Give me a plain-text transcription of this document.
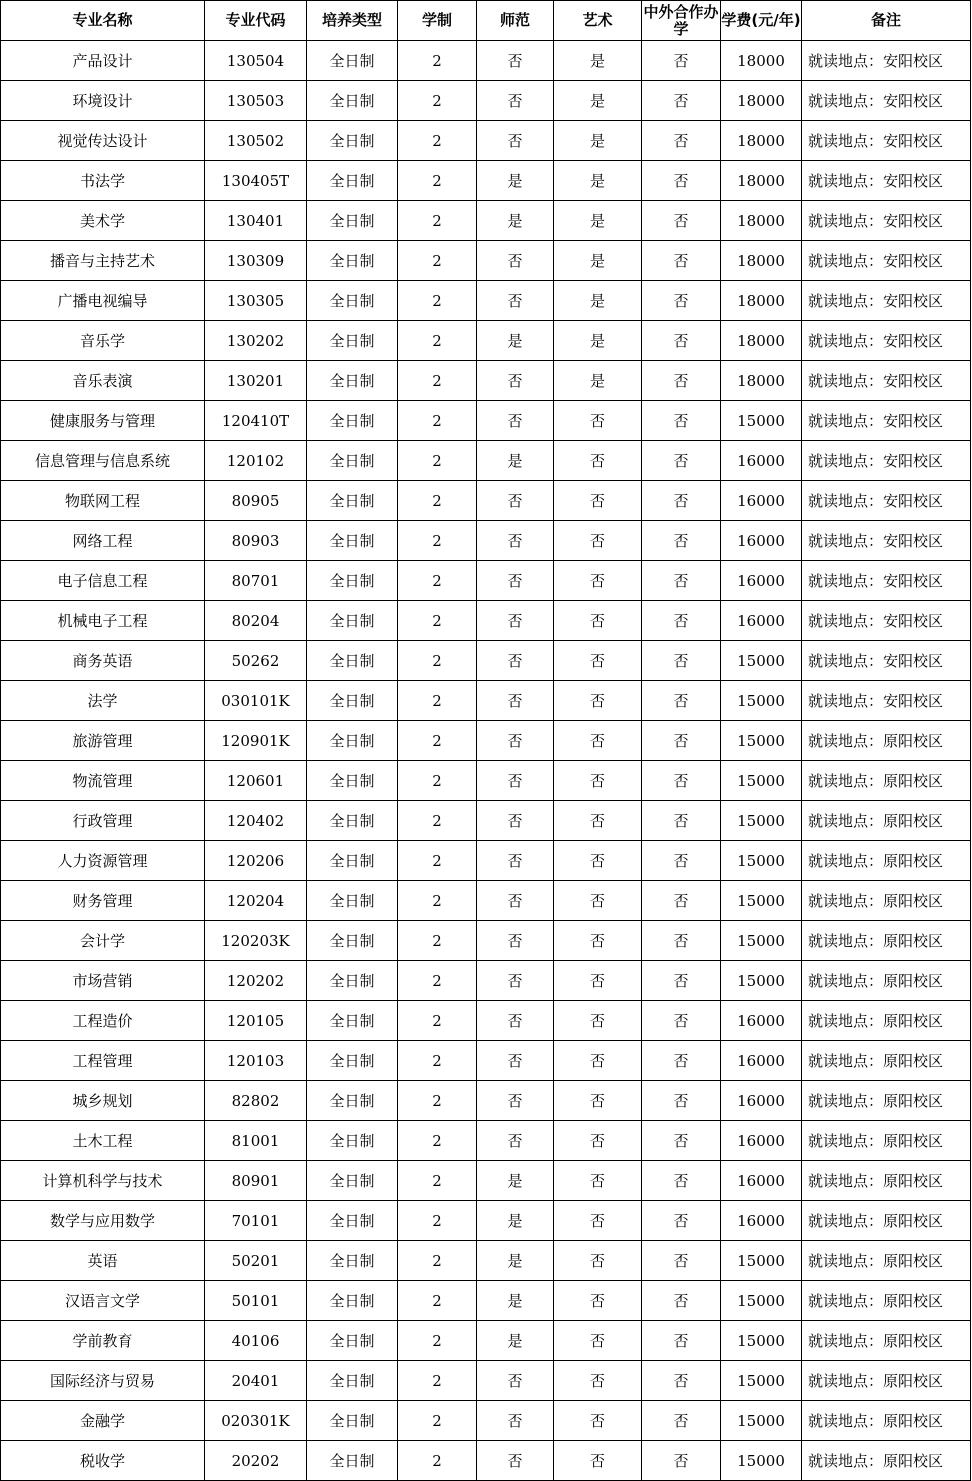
专业名称	专业代码	培养类型	学制	师范	艺术	中外合作办学	学费(元/年)	备注
产品设计	130504	全日制	2	否	是	否	18000	就读地点：安阳校区
环境设计	130503	全日制	2	否	是	否	18000	就读地点：安阳校区
视觉传达设计	130502	全日制	2	否	是	否	18000	就读地点：安阳校区
书法学	130405T	全日制	2	是	是	否	18000	就读地点：安阳校区
美术学	130401	全日制	2	是	是	否	18000	就读地点：安阳校区
播音与主持艺术	130309	全日制	2	否	是	否	18000	就读地点：安阳校区
广播电视编导	130305	全日制	2	否	是	否	18000	就读地点：安阳校区
音乐学	130202	全日制	2	是	是	否	18000	就读地点：安阳校区
音乐表演	130201	全日制	2	否	是	否	18000	就读地点：安阳校区
健康服务与管理	120410T	全日制	2	否	否	否	15000	就读地点：安阳校区
信息管理与信息系统	120102	全日制	2	是	否	否	16000	就读地点：安阳校区
物联网工程	80905	全日制	2	否	否	否	16000	就读地点：安阳校区
网络工程	80903	全日制	2	否	否	否	16000	就读地点：安阳校区
电子信息工程	80701	全日制	2	否	否	否	16000	就读地点：安阳校区
机械电子工程	80204	全日制	2	否	否	否	16000	就读地点：安阳校区
商务英语	50262	全日制	2	否	否	否	15000	就读地点：安阳校区
法学	030101K	全日制	2	否	否	否	15000	就读地点：安阳校区
旅游管理	120901K	全日制	2	否	否	否	15000	就读地点：原阳校区
物流管理	120601	全日制	2	否	否	否	15000	就读地点：原阳校区
行政管理	120402	全日制	2	否	否	否	15000	就读地点：原阳校区
人力资源管理	120206	全日制	2	否	否	否	15000	就读地点：原阳校区
财务管理	120204	全日制	2	否	否	否	15000	就读地点：原阳校区
会计学	120203K	全日制	2	否	否	否	15000	就读地点：原阳校区
市场营销	120202	全日制	2	否	否	否	15000	就读地点：原阳校区
工程造价	120105	全日制	2	否	否	否	16000	就读地点：原阳校区
工程管理	120103	全日制	2	否	否	否	16000	就读地点：原阳校区
城乡规划	82802	全日制	2	否	否	否	16000	就读地点：原阳校区
土木工程	81001	全日制	2	否	否	否	16000	就读地点：原阳校区
计算机科学与技术	80901	全日制	2	是	否	否	16000	就读地点：原阳校区
数学与应用数学	70101	全日制	2	是	否	否	16000	就读地点：原阳校区
英语	50201	全日制	2	是	否	否	15000	就读地点：原阳校区
汉语言文学	50101	全日制	2	是	否	否	15000	就读地点：原阳校区
学前教育	40106	全日制	2	是	否	否	15000	就读地点：原阳校区
国际经济与贸易	20401	全日制	2	否	否	否	15000	就读地点：原阳校区
金融学	020301K	全日制	2	否	否	否	15000	就读地点：原阳校区
税收学	20202	全日制	2	否	否	否	15000	就读地点：原阳校区
